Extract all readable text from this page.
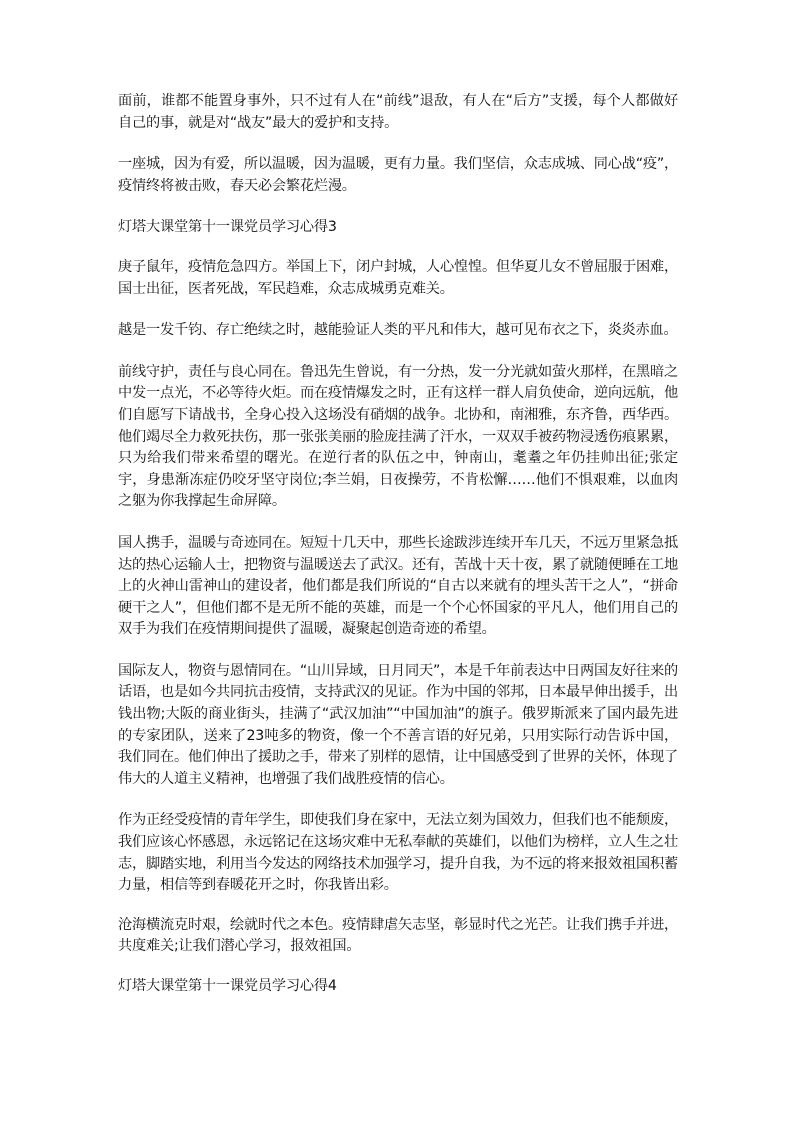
面前，谁都不能置身事外，只不过有人在“前线”退敌，有人在“后方”支援，每个人都做好自己的事，就是对“战友”最大的爱护和支持。

一座城，因为有爱，所以温暖，因为温暖，更有力量。我们坚信，众志成城、同心战“疫”，疫情终将被击败，春天必会繁花烂漫。

灯塔大课堂第十一课党员学习心得3

庚子鼠年，疫情危急四方。举国上下，闭户封城，人心惶惶。但华夏儿女不曾屈服于困难，国士出征，医者死战，军民趋难，众志成城勇克难关。

越是一发千钧、存亡绝续之时，越能验证人类的平凡和伟大，越可见布衣之下，炎炎赤血。

前线守护，责任与良心同在。鲁迅先生曾说，有一分热，发一分光就如萤火那样，在黑暗之中发一点光，不必等待火炬。而在疫情爆发之时，正有这样一群人肩负使命，逆向远航，他们自愿写下请战书，全身心投入这场没有硝烟的战争。北协和，南湘雅，东齐鲁，西华西。他们竭尽全力救死扶伤，那一张张美丽的脸庞挂满了汗水，一双双手被药物浸透伤痕累累，只为给我们带来希望的曙光。在逆行者的队伍之中，钟南山，耄耋之年仍挂帅出征;张定宇，身患渐冻症仍咬牙坚守岗位;李兰娟，日夜操劳，不肯松懈……他们不惧艰难，以血肉之躯为你我撑起生命屏障。

国人携手，温暖与奇迹同在。短短十几天中，那些长途跋涉连续开车几天，不远万里紧急抵达的热心运输人士，把物资与温暖送去了武汉。还有，苦战十天十夜，累了就随便睡在工地上的火神山雷神山的建设者，他们都是我们所说的“自古以来就有的埋头苦干之人”，“拼命硬干之人”，但他们都不是无所不能的英雄，而是一个个心怀国家的平凡人，他们用自己的双手为我们在疫情期间提供了温暖，凝聚起创造奇迹的希望。

国际友人，物资与恩情同在。“山川异域，日月同天”，本是千年前表达中日两国友好往来的话语，也是如今共同抗击疫情，支持武汉的见证。作为中国的邻邦，日本最早伸出援手，出钱出物;大阪的商业街头，挂满了“武汉加油”“中国加油”的旗子。俄罗斯派来了国内最先进的专家团队，送来了23吨多的物资，像一个不善言语的好兄弟，只用实际行动告诉中国，我们同在。他们伸出了援助之手，带来了别样的恩情，让中国感受到了世界的关怀，体现了伟大的人道主义精神，也增强了我们战胜疫情的信心。

作为正经受疫情的青年学生，即使我们身在家中，无法立刻为国效力，但我们也不能颓废，我们应该心怀感恩，永远铭记在这场灾难中无私奉献的英雄们，以他们为榜样，立人生之壮志，脚踏实地，利用当今发达的网络技术加强学习，提升自我，为不远的将来报效祖国积蓄力量，相信等到春暖花开之时，你我皆出彩。

沧海横流克时艰，绘就时代之本色。疫情肆虐矢志坚，彰显时代之光芒。让我们携手并进，共度难关;让我们潜心学习，报效祖国。

灯塔大课堂第十一课党员学习心得4
